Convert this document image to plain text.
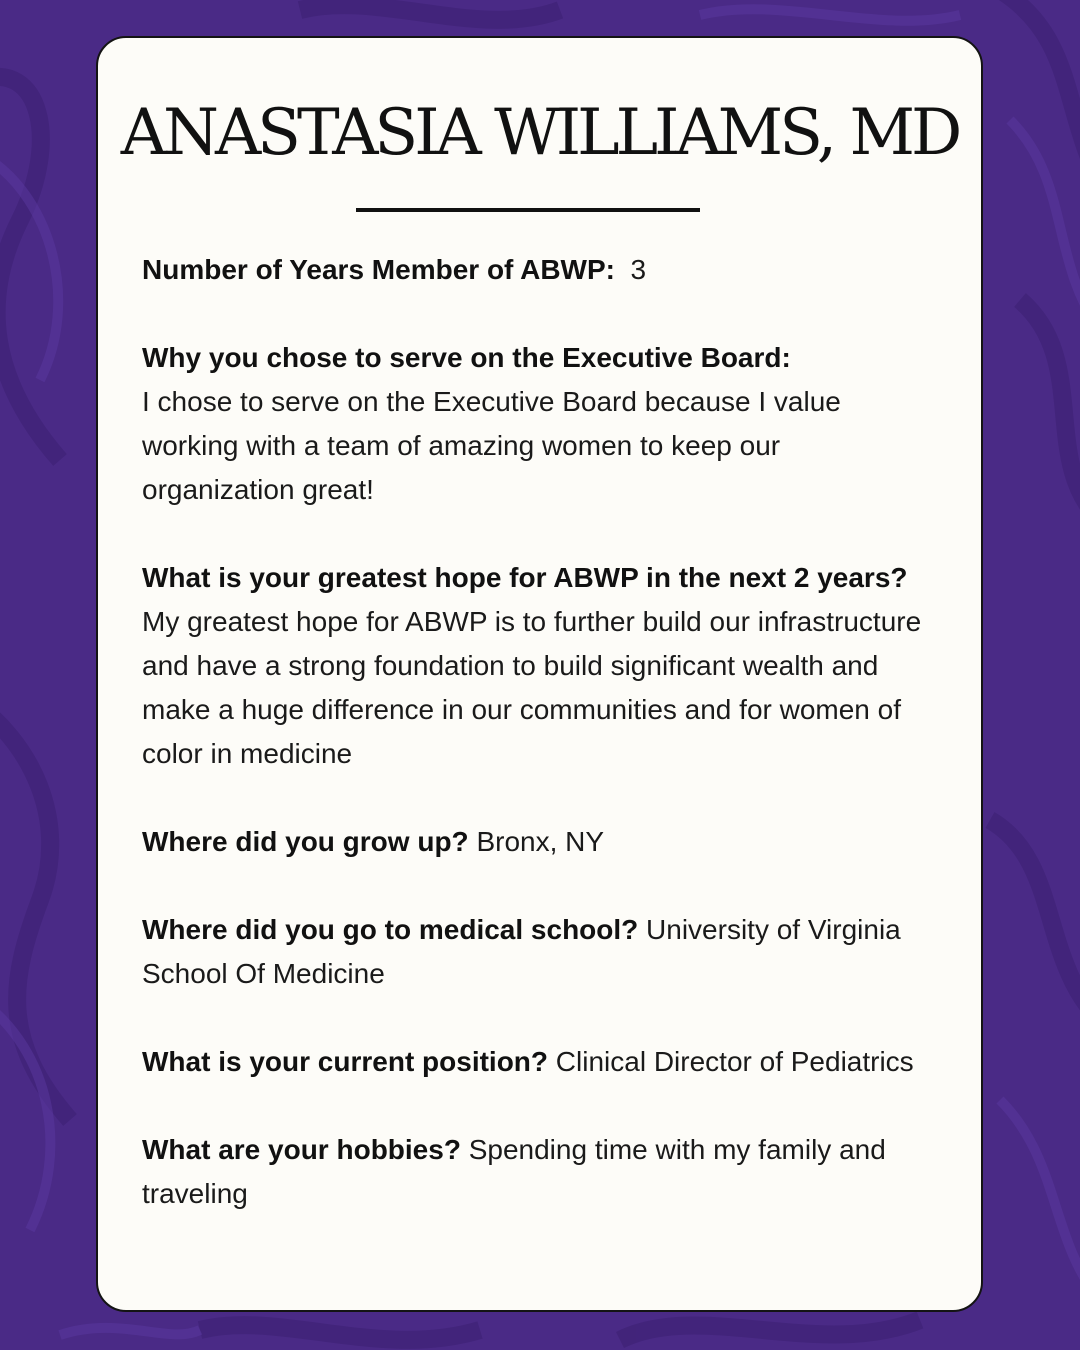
ANASTASIA WILLIAMS, MD

Number of Years Member of ABWP: 3

Why you chose to serve on the Executive Board:
I chose to serve on the Executive Board because I value working with a team of amazing women to keep our organization great!

What is your greatest hope for ABWP in the next 2 years? My greatest hope for ABWP is to further build our infrastructure and have a strong foundation to build significant wealth and make a huge difference in our communities and for women of color in medicine

Where did you grow up? Bronx, NY

Where did you go to medical school? University of Virginia School Of Medicine

What is your current position? Clinical Director of Pediatrics

What are your hobbies? Spending time with my family and traveling
